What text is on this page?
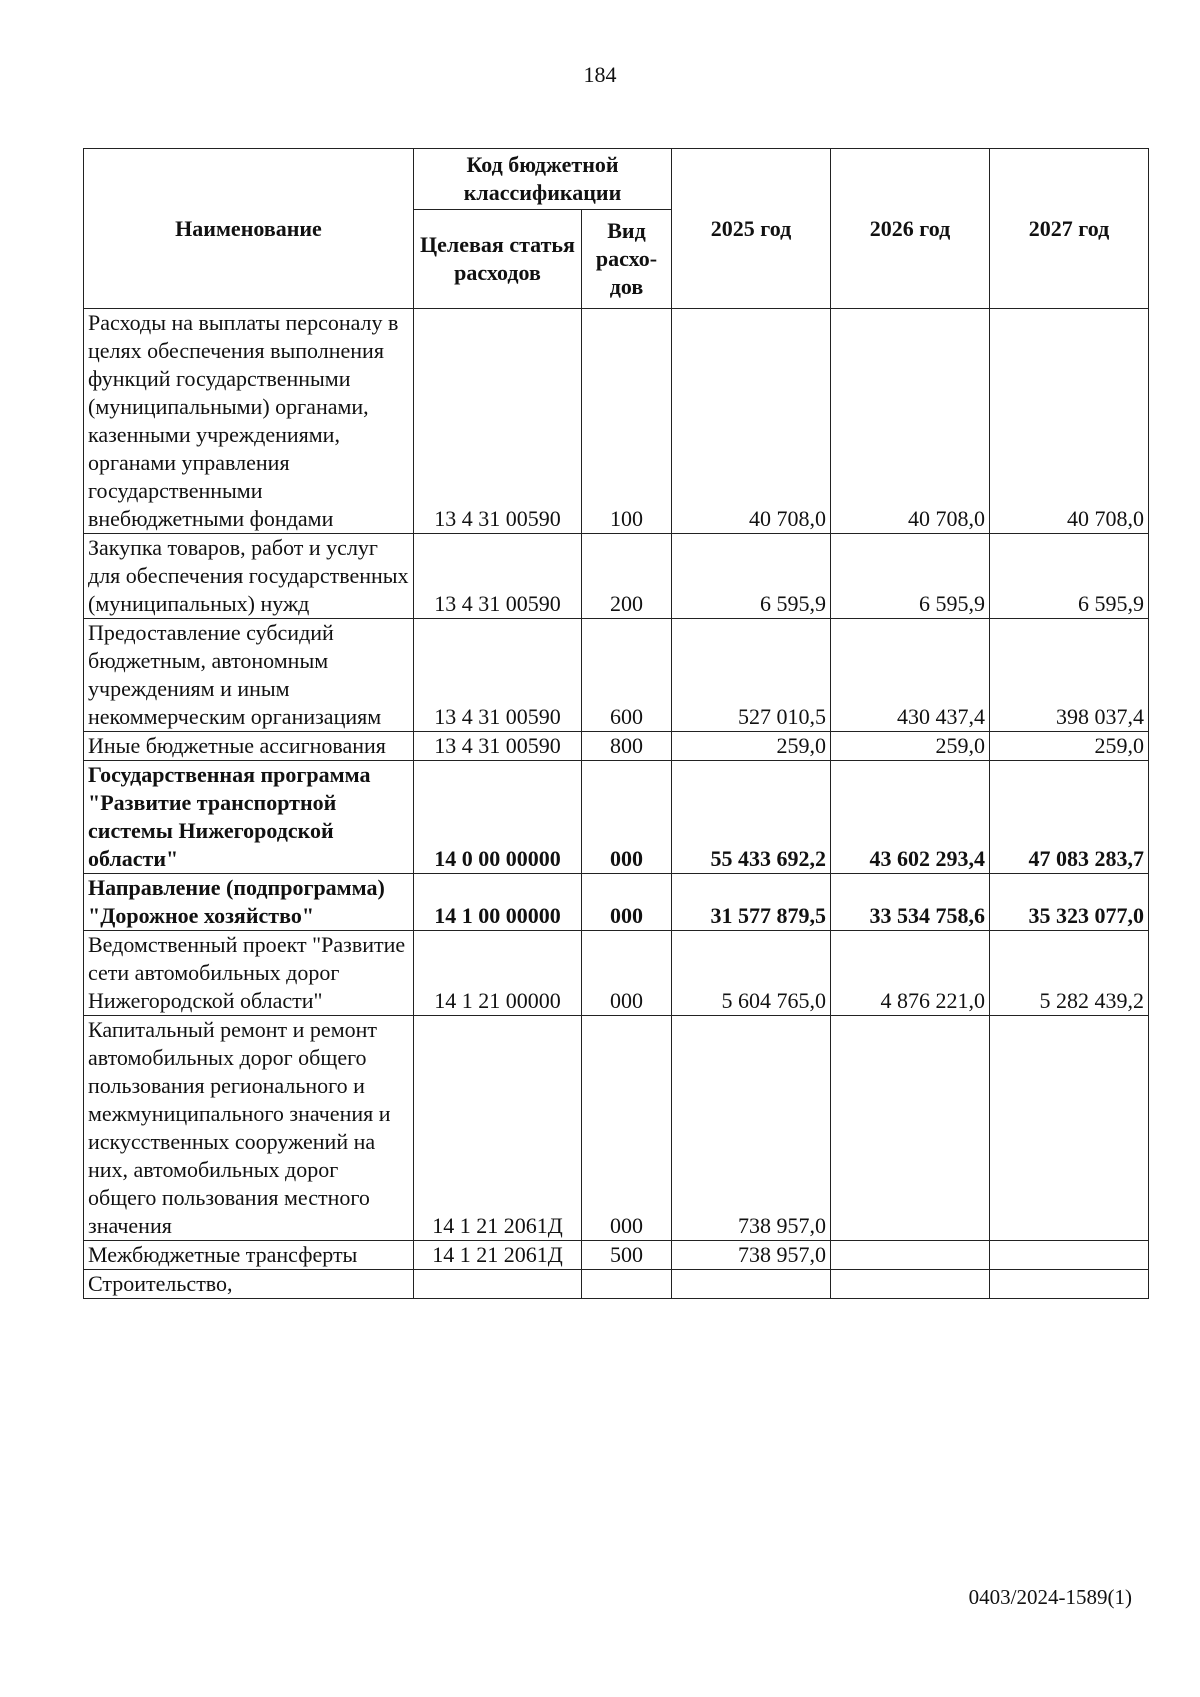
184
Наименование	Код бюджетной классификации		2025 год	2026 год	2027 год
	Целевая статья расходов	Вид расхо-дов			
Расходы на выплаты персоналу в целях обеспечения выполнения функций государственными (муниципальными) органами, казенными учреждениями, органами управления государственными внебюджетными фондами	13 4 31 00590	100	40 708,0	40 708,0	40 708,0
Закупка товаров, работ и услуг для обеспечения государственных (муниципальных) нужд	13 4 31 00590	200	6 595,9	6 595,9	6 595,9
Предоставление субсидий бюджетным, автономным учреждениям и иным некоммерческим организациям	13 4 31 00590	600	527 010,5	430 437,4	398 037,4
Иные бюджетные ассигнования	13 4 31 00590	800	259,0	259,0	259,0
Государственная программа "Развитие транспортной системы Нижегородской области"	14 0 00 00000	000	55 433 692,2	43 602 293,4	47 083 283,7
Направление (подпрограмма) "Дорожное хозяйство"	14 1 00 00000	000	31 577 879,5	33 534 758,6	35 323 077,0
Ведомственный проект "Развитие сети автомобильных дорог Нижегородской области"	14 1 21 00000	000	5 604 765,0	4 876 221,0	5 282 439,2
Капитальный ремонт и ремонт автомобильных дорог общего пользования регионального и межмуниципального значения и искусственных сооружений на них, автомобильных дорог общего пользования местного значения	14 1 21 2061Д	000	738 957,0		
Межбюджетные трансферты	14 1 21 2061Д	500	738 957,0		
Строительство,					
0403/2024-1589(1)
